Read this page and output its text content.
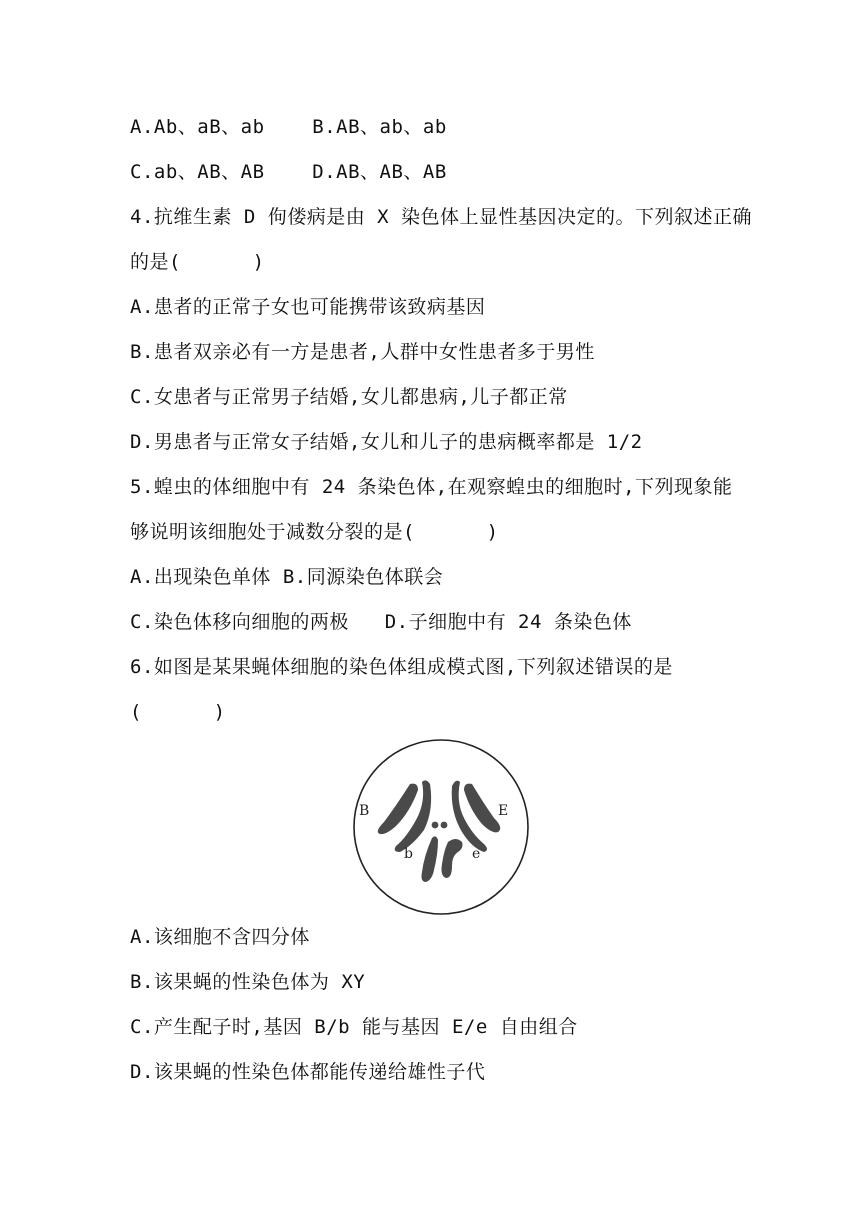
A.Ab、aB、ab    B.AB、ab、ab
C.ab、AB、AB    D.AB、AB、AB
4.抗维生素 D 佝偻病是由 X 染色体上显性基因决定的。下列叙述正确
的是(      )
A.患者的正常子女也可能携带该致病基因
B.患者双亲必有一方是患者,人群中女性患者多于男性
C.女患者与正常男子结婚,女儿都患病,儿子都正常
D.男患者与正常女子结婚,女儿和儿子的患病概率都是 1/2
5.蝗虫的体细胞中有 24 条染色体,在观察蝗虫的细胞时,下列现象能
够说明该细胞处于减数分裂的是(      )
A.出现染色单体 B.同源染色体联会
C.染色体移向细胞的两极   D.子细胞中有 24 条染色体
6.如图是某果蝇体细胞的染色体组成模式图,下列叙述错误的是
(      )
B
b
E
e
A.该细胞不含四分体
B.该果蝇的性染色体为 XY
C.产生配子时,基因 B/b 能与基因 E/e 自由组合
D.该果蝇的性染色体都能传递给雄性子代
